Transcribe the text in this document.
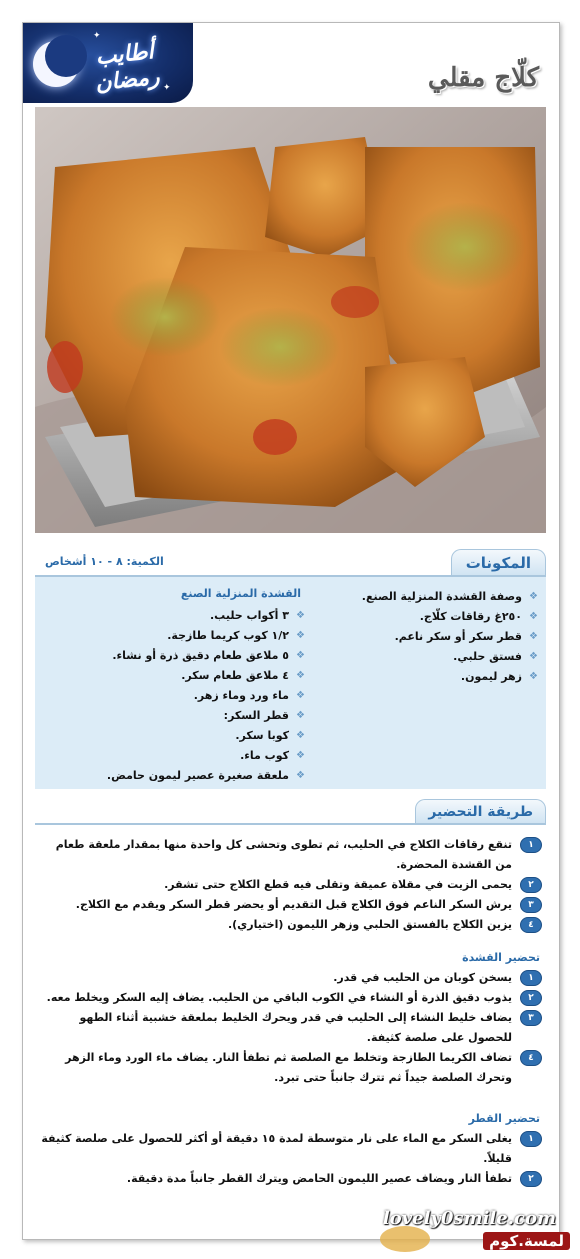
✦
✦
أطايب رمضان	كلّاج مقلي
المكونات
الكمية: ٨ - ١٠ أشخاص
❖
وصفة القشدة المنزلية الصنع.
❖
٢٥٠غ رقاقات كلّاج.
❖
قطر سكر أو سكر ناعم.
❖
فستق حلبي.
❖
زهر ليمون.
القشدة المنزلية الصنع
❖
٣ أكواب حليب.
❖
١/٢ كوب كريما طازجة.
❖
٥ ملاعق طعام دقيق ذرة أو نشاء.
❖
٤ ملاعق طعام سكر.
❖
ماء ورد وماء زهر.
❖
قطر السكر:
❖
كوبا سكر.
❖
كوب ماء.
❖
ملعقة صغيرة عصير ليمون حامض.
طريقة التحضير
١
تنقع رقاقات الكلاج في الحليب، ثم تطوى وتحشى كل واحدة منها بمقدار ملعقة طعام من القشدة المحضرة.
٢
يحمى الزيت في مقلاة عميقة وتقلى فيه قطع الكلاج حتى تشقر.
٣
يرش السكر الناعم فوق الكلاج قبل التقديم أو يحضر قطر السكر ويقدم مع الكلاج.
٤
يزين الكلاج بالفستق الحلبي وزهر الليمون (اختياري).
تحضير القشدة
١
يسخن كوبان من الحليب في قدر.
٢
يذوب دقيق الذرة أو النشاء في الكوب الباقي من الحليب. يضاف إليه السكر ويخلط معه.
٣
يضاف خليط النشاء إلى الحليب في قدر ويحرك الخليط بملعقة خشبية أثناء الطهو للحصول على صلصة كثيفة.
٤
تضاف الكريما الطازجة وتخلط مع الصلصة ثم تطفأ النار. يضاف ماء الورد وماء الزهر وتحرك الصلصة جيداً ثم تترك جانباً حتى تبرد.
تحضير القطر
١
يغلى السكر مع الماء على نار متوسطة لمدة ١٥ دقيقة أو أكثر للحصول على صلصة كثيفة قليلاً.
٢
تطفأ النار ويضاف عصير الليمون الحامض ويترك القطر جانباً مدة دقيقة.
lovely0smile.com
لمسة.كوم
